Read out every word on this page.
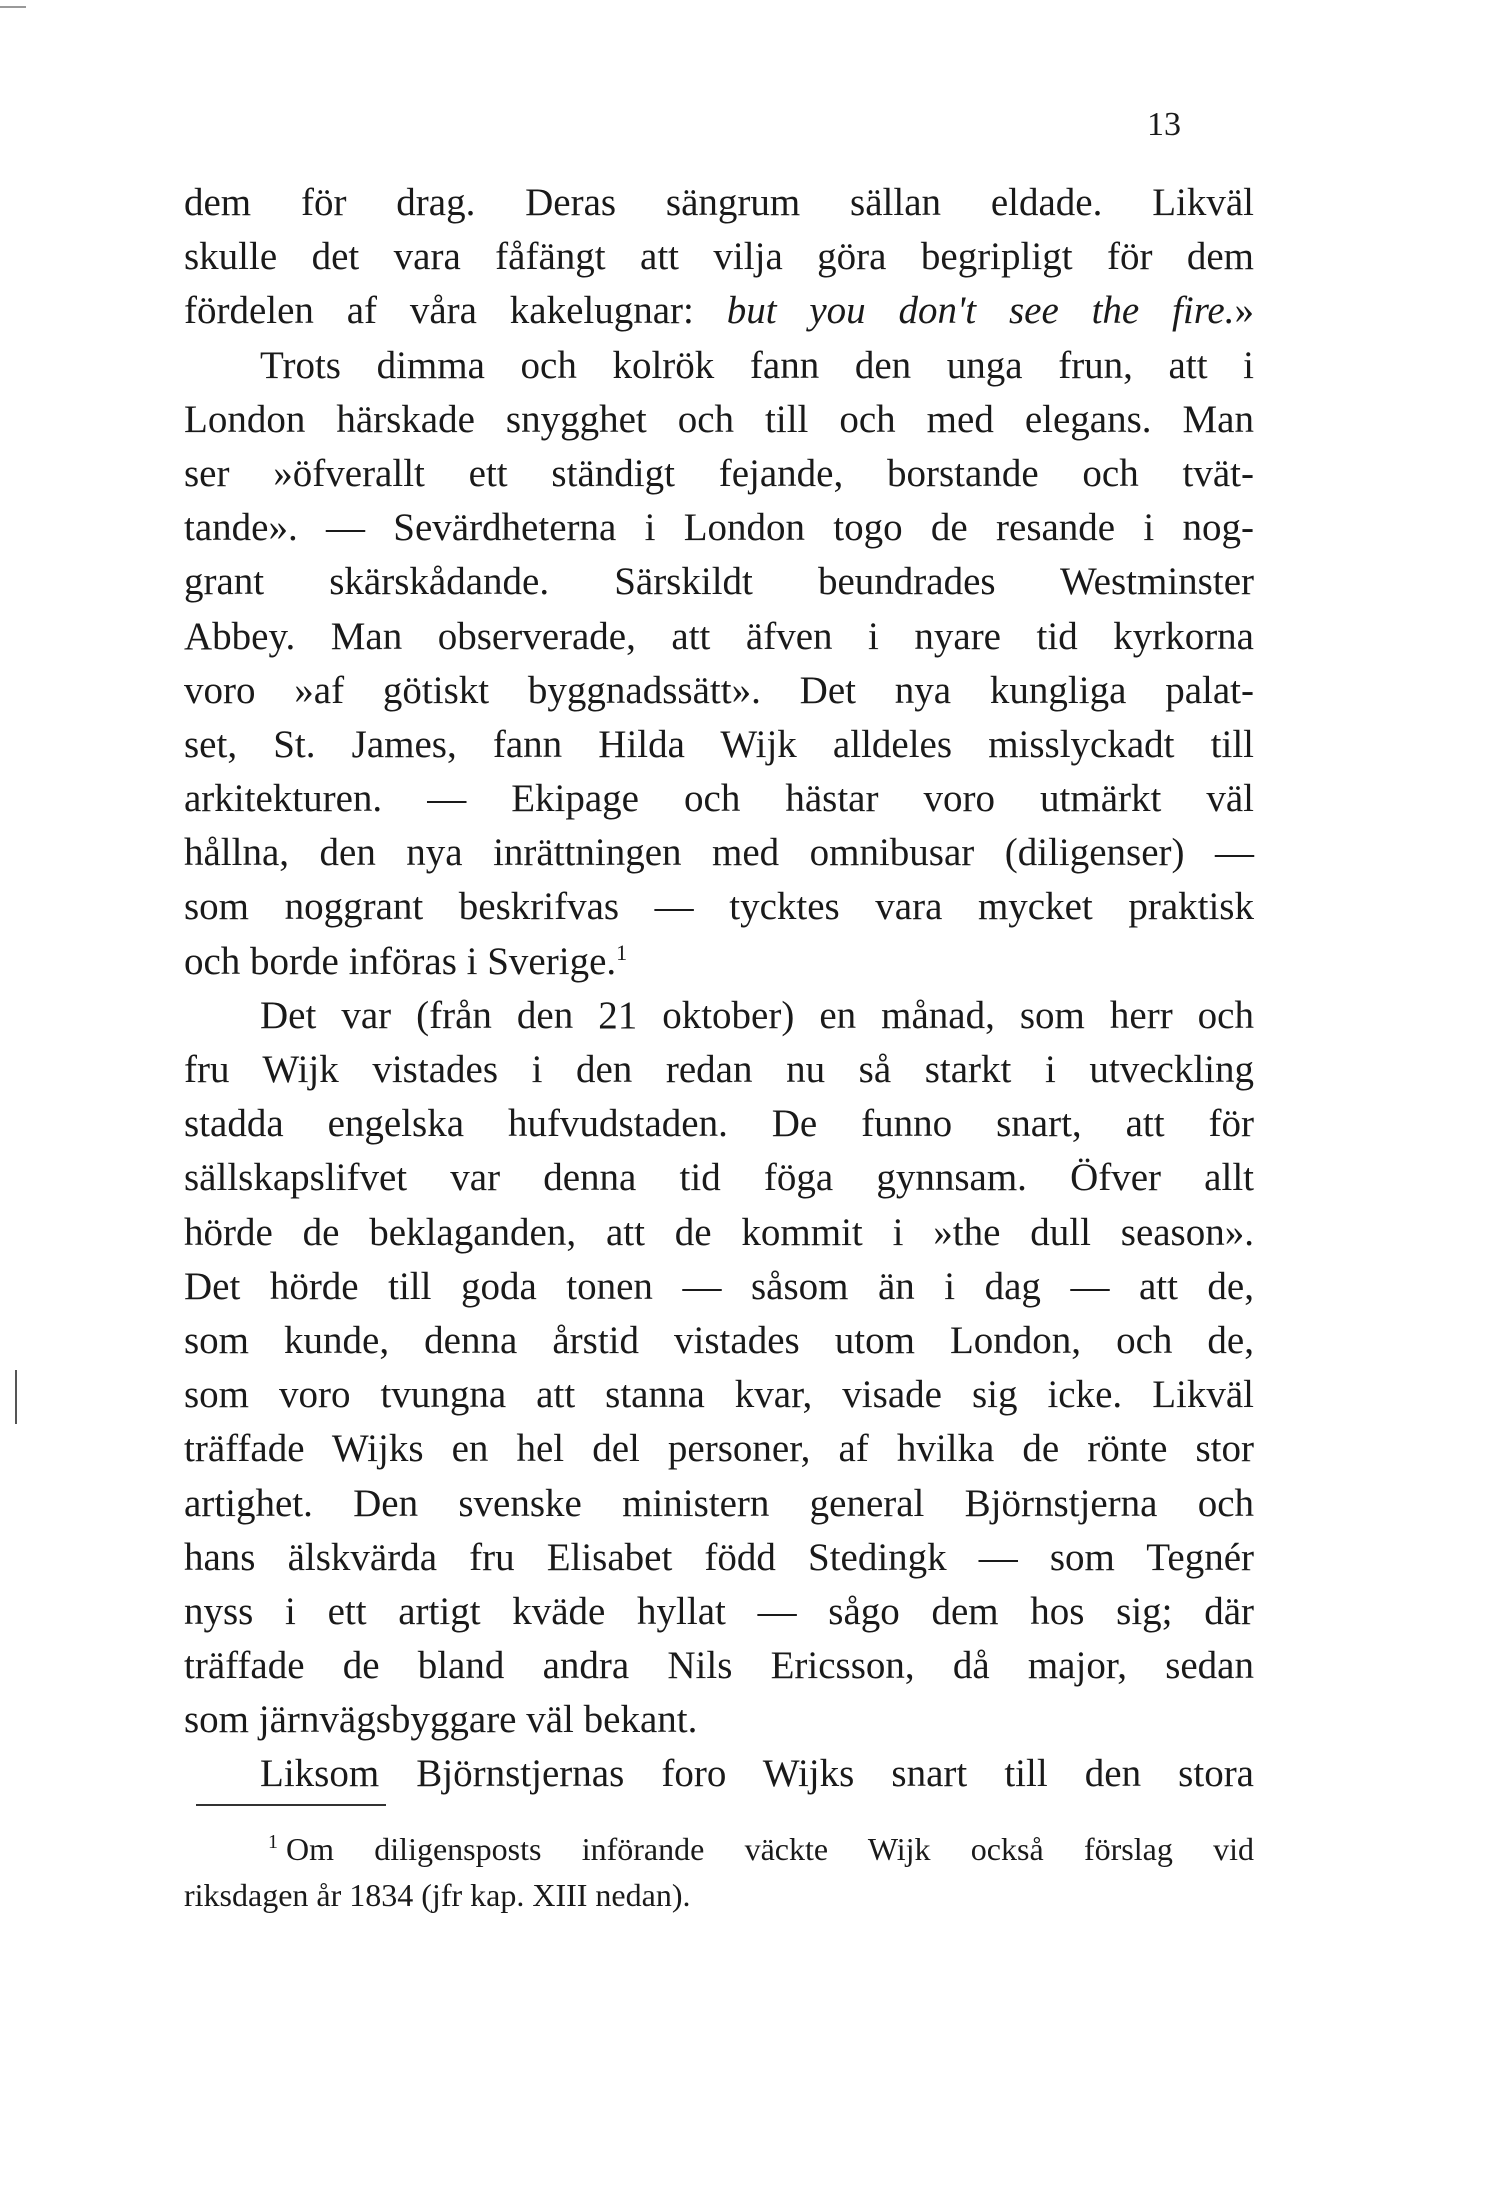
13
dem för drag. Deras sängrum sällan eldade. Likväl
skulle det vara fåfängt att vilja göra begripligt för dem
fördelen af våra kakelugnar: but you don't see the fire.»
Trots dimma och kolrök fann den unga frun, att i
London härskade snygghet och till och med elegans. Man
ser »öfverallt ett ständigt fejande, borstande och tvät-
tande». — Sevärdheterna i London togo de resande i nog-
grant skärskådande. Särskildt beundrades Westminster
Abbey. Man observerade, att äfven i nyare tid kyrkorna
voro »af götiskt byggnadssätt». Det nya kungliga palat-
set, St. James, fann Hilda Wijk alldeles misslyckadt till
arkitekturen. — Ekipage och hästar voro utmärkt väl
hållna, den nya inrättningen med omnibusar (diligenser) —
som noggrant beskrifvas — tycktes vara mycket praktisk
och borde införas i Sverige.$^1$
Det var (från den 21 oktober) en månad, som herr och
fru Wijk vistades i den redan nu så starkt i utveckling
stadda engelska hufvudstaden. De funno snart, att för
sällskapslifvet var denna tid föga gynnsam. Öfver allt
hörde de beklaganden, att de kommit i »the dull season».
Det hörde till goda tonen — såsom än i dag — att de,
som kunde, denna årstid vistades utom London, och de,
som voro tvungna att stanna kvar, visade sig icke. Likväl
träffade Wijks en hel del personer, af hvilka de rönte stor
artighet. Den svenske ministern general Björnstjerna och
hans älskvärda fru Elisabet född Stedingk — som Tegnér
nyss i ett artigt kväde hyllat — sågo dem hos sig; där
träffade de bland andra Nils Ericsson, då major, sedan
som järnvägsbyggare väl bekant.
Liksom Björnstjernas foro Wijks snart till den stora
$^1$ Om diligensposts införande väckte Wijk också förslag vid
riksdagen år 1834 (jfr kap. XIII nedan).
